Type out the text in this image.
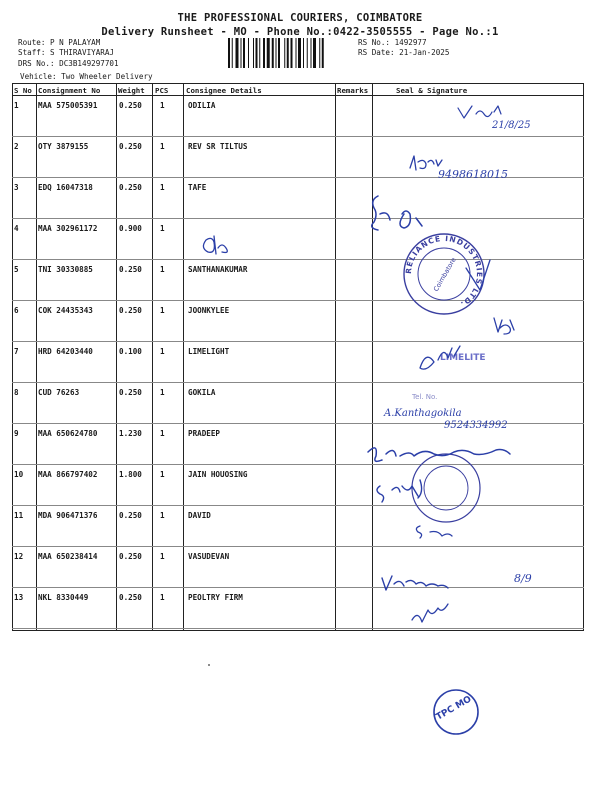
THE PROFESSIONAL COURIERS, COIMBATORE
Delivery Runsheet - MO - Phone No.:0422-3505555 - Page No.:1
Route: P N PALAYAM
Staff: S THIRAVIYARAJ
DRS No.: DC3B149297701
RS No.: 1492977
RS Date: 21-Jan-2025
Vehicle: Two Wheeler Delivery
S No Consignment No Weight PCS Consignee Details	Remarks	Seal & Signature
1	MAA 575005391	0.250 1	ODILIA
2	OTY 3879155	0.250 1	REV SR TILTUS
3	EDQ 16047318	0.250 1	TAFE
4	MAA 302961172	0.900 1
5	TNI 30330885	0.250 1	SANTHANAKUMAR
6	COK 24435343	0.250 1	JOONKYLEE
7	HRD 64203440	0.100 1	LIMELIGHT
8	CUD 76263	0.250 1	GOKILA
9	MAA 650624780	1.230 1	PRADEEP
10 MAA 866797402	1.800 1	JAIN HOUOSING
11 MDA 906471376	0.250 1	DAVID
12 MAA 650238414	0.250 1	VASUDEVAN
13 NKL 8330449	0.250 1	PEOLTRY FIRM
21/8/25
9498618015
RELIANCE INDUSTRIES LTD.
Coimbatore
LIMELITE
Tel. No.
A.Kanthagokila
9524334992
8/9
TPC MO
